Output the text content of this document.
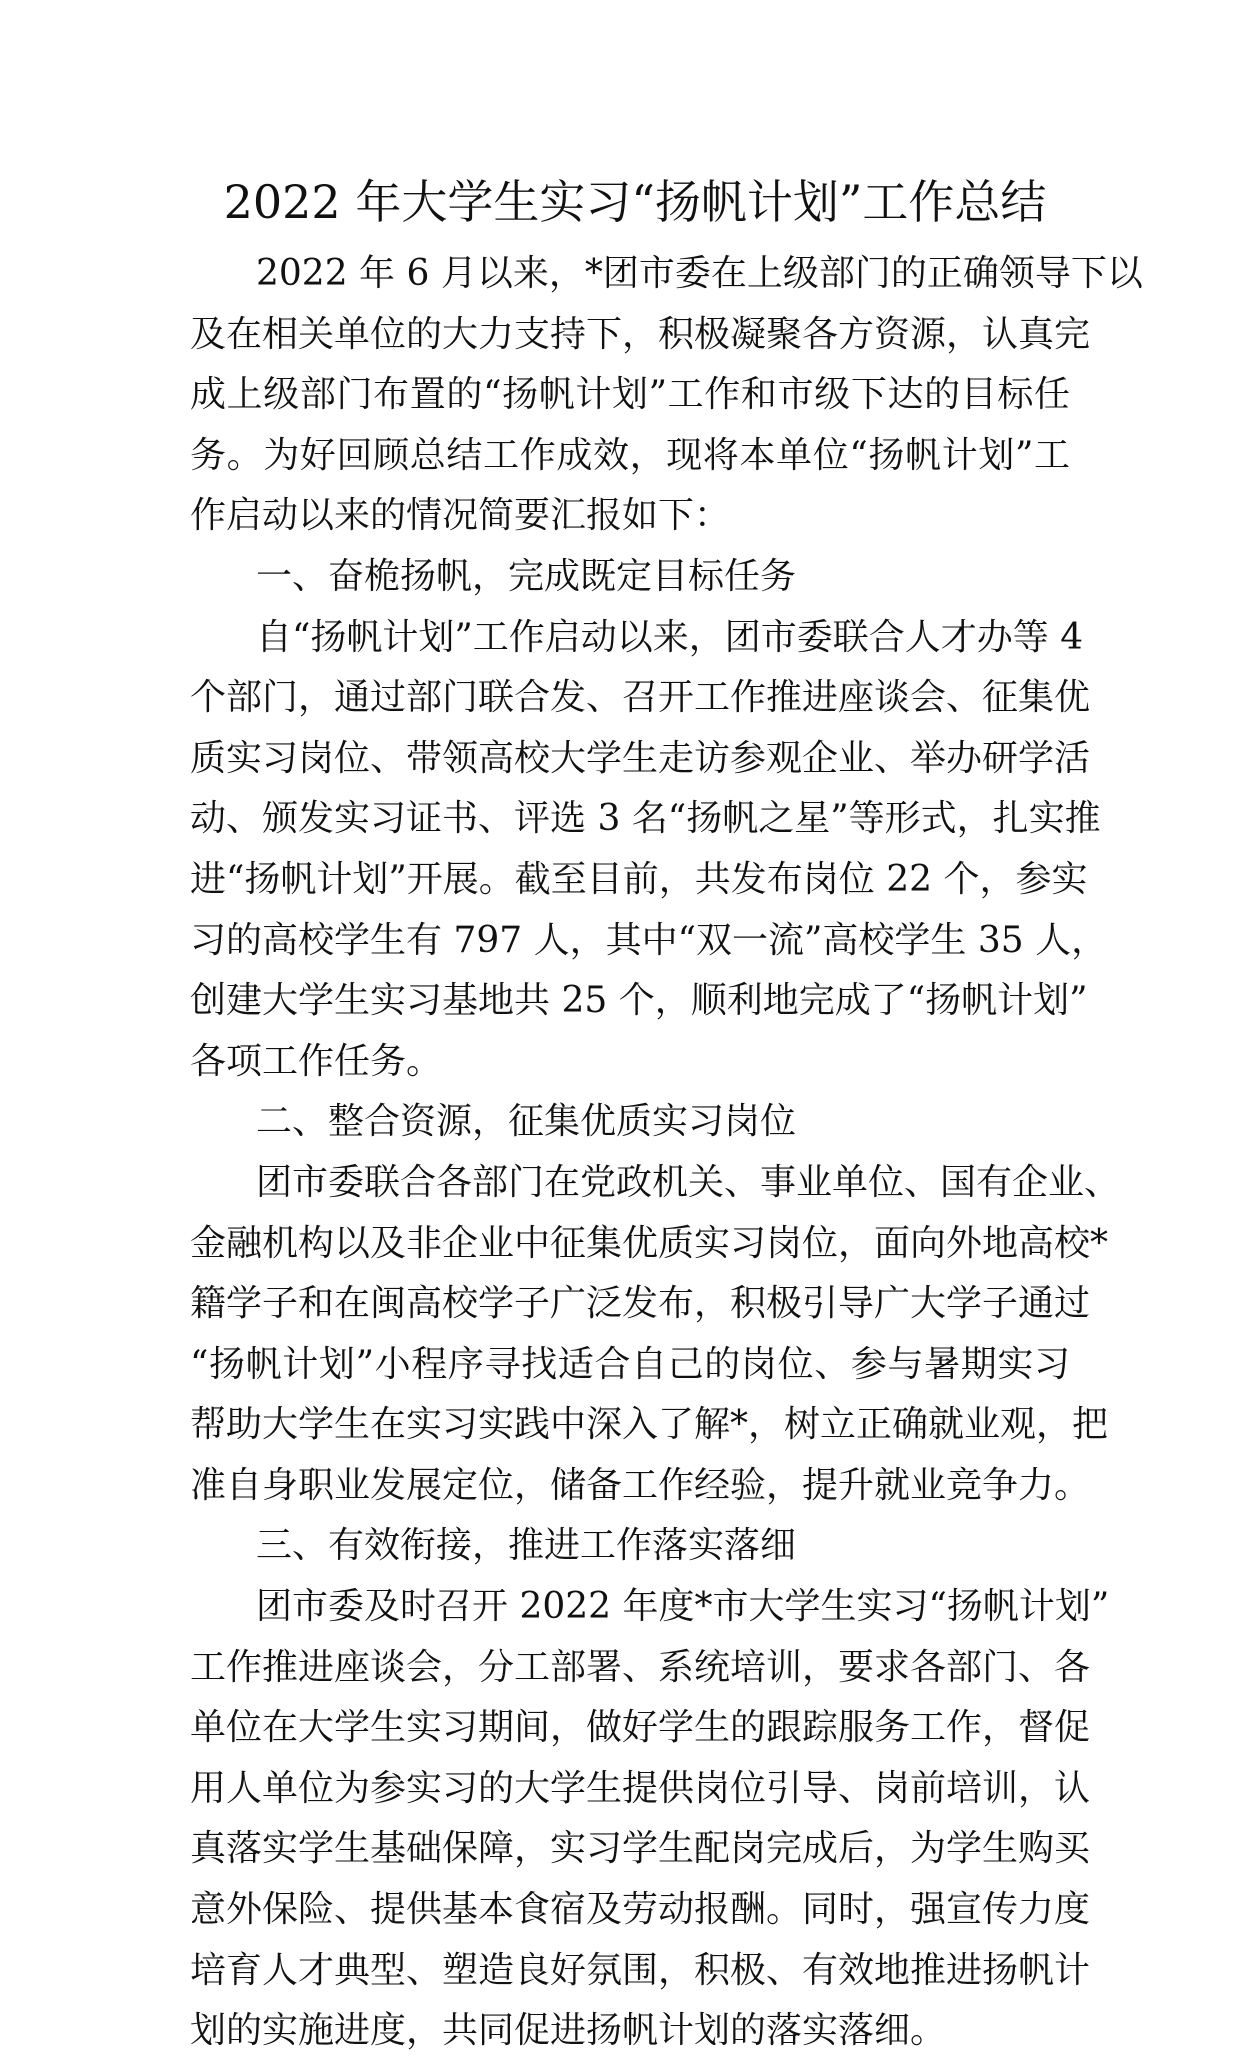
2022 年大学生实习“扬帆计划”工作总结
2022 年 6 月以来，*团市委在上级部门的正确领导下以
及在相关单位的大力支持下，积极凝聚各方资源，认真完
成上级部门布置的“扬帆计划”工作和市级下达的目标任
务。为好回顾总结工作成效，现将本单位“扬帆计划”工
作启动以来的情况简要汇报如下：
一、奋桅扬帆，完成既定目标任务
自“扬帆计划”工作启动以来，团市委联合人才办等 4
个部门，通过部门联合发、召开工作推进座谈会、征集优
质实习岗位、带领高校大学生走访参观企业、举办研学活
动、颁发实习证书、评选 3 名“扬帆之星”等形式，扎实推
进“扬帆计划”开展。截至目前，共发布岗位 22 个，参实
习的高校学生有 797 人，其中“双一流”高校学生 35 人，
创建大学生实习基地共 25 个，顺利地完成了“扬帆计划”
各项工作任务。
二、整合资源，征集优质实习岗位
团市委联合各部门在党政机关、事业单位、国有企业、
金融机构以及非企业中征集优质实习岗位，面向外地高校*
籍学子和在闽高校学子广泛发布，积极引导广大学子通过
“扬帆计划”小程序寻找适合自己的岗位、参与暑期实习
帮助大学生在实习实践中深入了解*，树立正确就业观，把
准自身职业发展定位，储备工作经验，提升就业竞争力。
三、有效衔接，推进工作落实落细
团市委及时召开 2022 年度*市大学生实习“扬帆计划”
工作推进座谈会，分工部署、系统培训，要求各部门、各
单位在大学生实习期间，做好学生的跟踪服务工作，督促
用人单位为参实习的大学生提供岗位引导、岗前培训，认
真落实学生基础保障，实习学生配岗完成后，为学生购买
意外保险、提供基本食宿及劳动报酬。同时，强宣传力度
培育人才典型、塑造良好氛围，积极、有效地推进扬帆计
划的实施进度，共同促进扬帆计划的落实落细。
